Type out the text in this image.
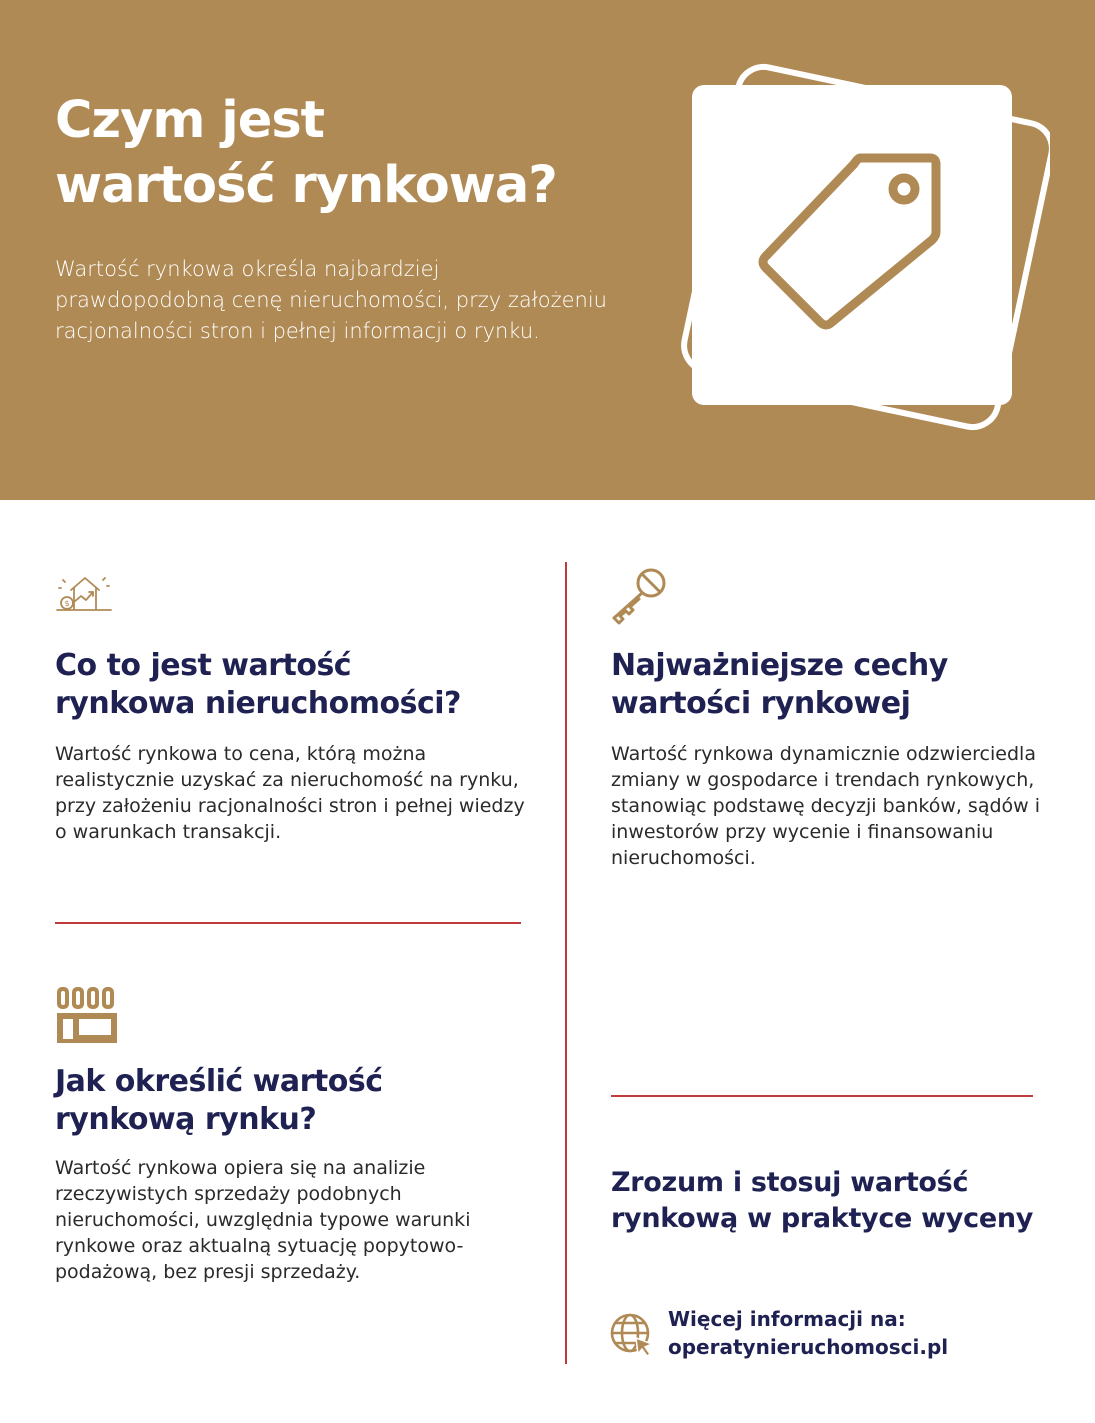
Czym jest
wartość rynkowa?

Wartość rynkowa określa najbardziej prawdopodobną cenę nieruchomości, przy założeniu racjonalności stron i pełnej informacji o rynku.

$
Co to jest wartość
rynkowa nieruchomości?

Wartość rynkowa to cena, którą można realistycznie uzyskać za nieruchomość na rynku, przy założeniu racjonalności stron i pełnej wiedzy o warunkach transakcji.

Najważniejsze cechy
wartości rynkowej

Wartość rynkowa dynamicznie odzwierciedla zmiany w gospodarce i trendach rynkowych, stanowiąc podstawę decyzji banków, sądów i inwestorów przy wycenie i finansowaniu nieruchomości.

Jak określić wartość
rynkową rynku?

Wartość rynkowa opiera się na analizie rzeczywistych sprzedaży podobnych nieruchomości, uwzględnia typowe warunki rynkowe oraz aktualną sytuację popytowo-podażową, bez presji sprzedaży.

Zrozum i stosuj wartość
rynkową w praktyce wyceny
Więcej informacji na:
operatynieruchomosci.pl
